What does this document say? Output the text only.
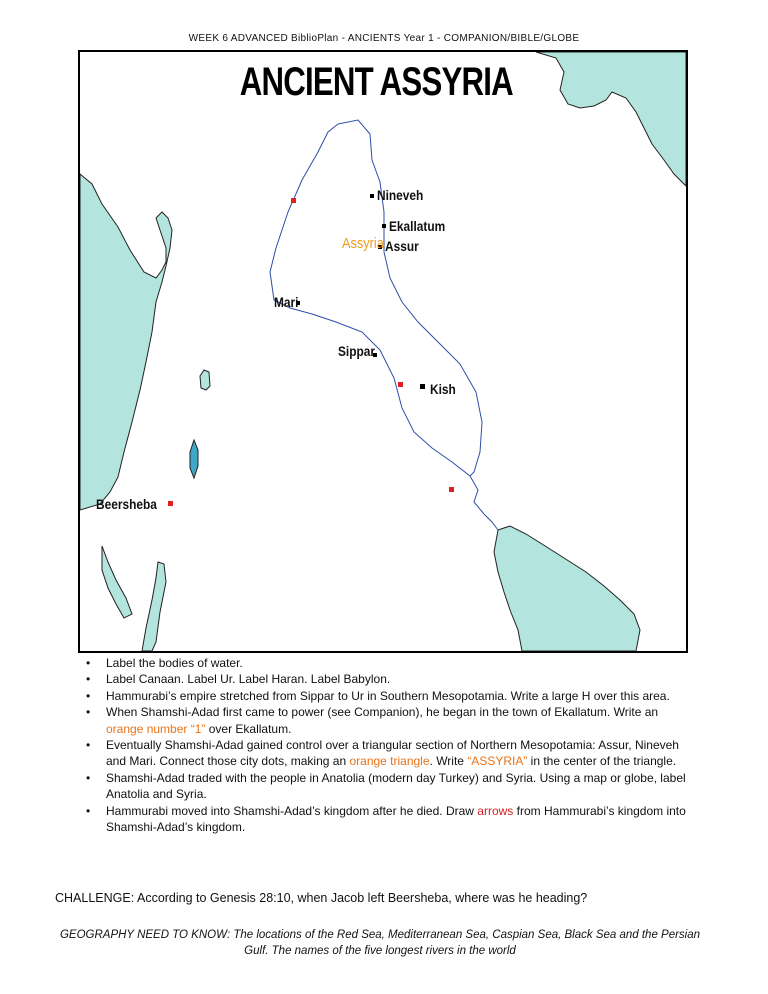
WEEK 6 ADVANCED BiblioPlan - ANCIENTS Year 1 - COMPANION/BIBLE/GLOBE
ANCIENT ASSYRIA
Nineveh
Ekallatum
Assyria Assur
Mari
Sippar
Kish
Beersheba
• Label the bodies of water.
• Label Canaan. Label Ur. Label Haran. Label Babylon.
• Hammurabi’s empire stretched from Sippar to Ur in Southern Mesopotamia. Write a large H over this area.
• When Shamshi-Adad first came to power (see Companion), he began in the town of Ekallatum. Write an orange number “1” over Ekallatum.
• Eventually Shamshi-Adad gained control over a triangular section of Northern Mesopotamia: Assur, Nineveh and Mari. Connect those city dots, making an orange triangle. Write “ASSYRIA” in the center of the triangle.
• Shamshi-Adad traded with the people in Anatolia (modern day Turkey) and Syria. Using a map or globe, label Anatolia and Syria.
• Hammurabi moved into Shamshi-Adad’s kingdom after he died. Draw arrows from Hammurabi’s kingdom into Shamshi-Adad’s kingdom.
CHALLENGE: According to Genesis 28:10, when Jacob left Beersheba, where was he heading?
GEOGRAPHY NEED TO KNOW: The locations of the Red Sea, Mediterranean Sea, Caspian Sea, Black Sea and the Persian
Gulf. The names of the five longest rivers in the world
